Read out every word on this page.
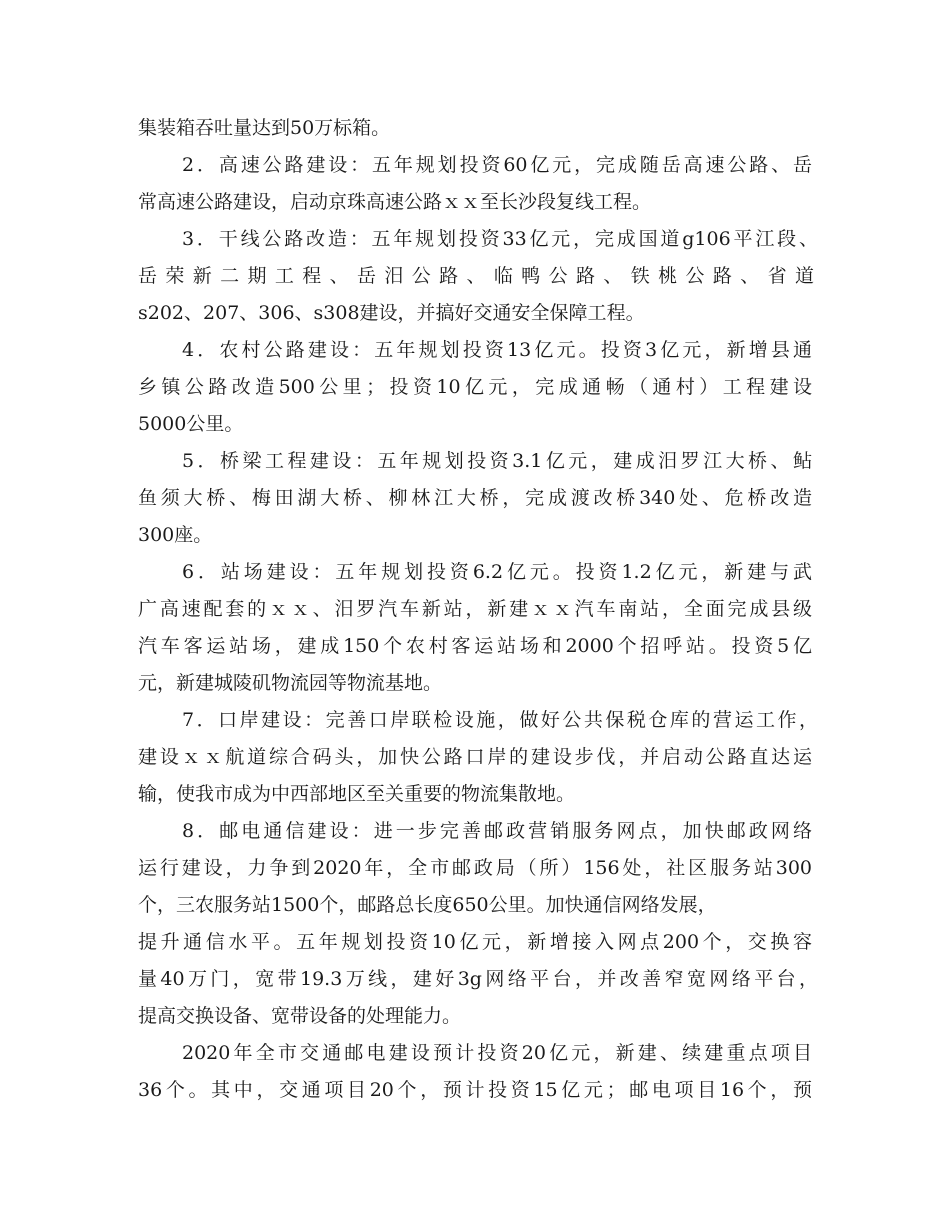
集装箱吞吐量达到50万标箱。
2．高速公路建设：五年规划投资60亿元，完成随岳高速公路、岳
常高速公路建设，启动京珠高速公路ｘｘ至长沙段复线工程。
3．干线公路改造：五年规划投资33亿元，完成国道g106平江段、
岳荣新二期工程、岳汨公路、临鸭公路、铁桃公路、省道
s202、207、306、s308建设，并搞好交通安全保障工程。
4．农村公路建设：五年规划投资13亿元。投资3亿元，新增县通
乡镇公路改造500公里；投资10亿元，完成通畅（通村）工程建设
5000公里。
5．桥梁工程建设：五年规划投资3.1亿元，建成汨罗江大桥、鲇
鱼须大桥、梅田湖大桥、柳林江大桥，完成渡改桥340处、危桥改造
300座。
6．站场建设：五年规划投资6.2亿元。投资1.2亿元，新建与武
广高速配套的ｘｘ、汨罗汽车新站，新建ｘｘ汽车南站，全面完成县级
汽车客运站场，建成150个农村客运站场和2000个招呼站。投资5亿
元，新建城陵矶物流园等物流基地。
7．口岸建设：完善口岸联检设施，做好公共保税仓库的营运工作，
建设ｘｘ航道综合码头，加快公路口岸的建设步伐，并启动公路直达运
输，使我市成为中西部地区至关重要的物流集散地。
8．邮电通信建设：进一步完善邮政营销服务网点，加快邮政网络
运行建设，力争到2020年，全市邮政局（所）156处，社区服务站300
个，三农服务站1500个，邮路总长度650公里。加快通信网络发展，
提升通信水平。五年规划投资10亿元，新增接入网点200个，交换容
量40万门，宽带19.3万线，建好3g网络平台，并改善窄宽网络平台，
提高交换设备、宽带设备的处理能力。
2020年全市交通邮电建设预计投资20亿元，新建、续建重点项目
36个。其中，交通项目20个，预计投资15亿元；邮电项目16个，预
